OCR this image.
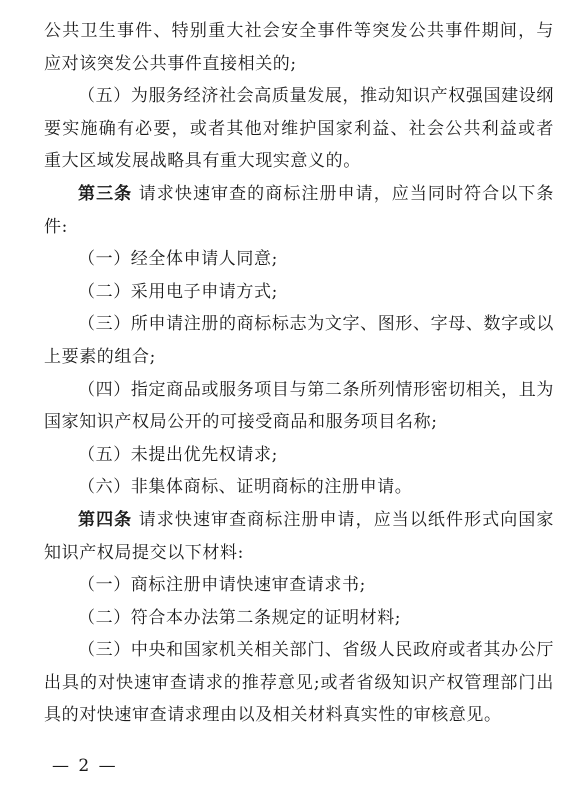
公共卫生事件、特别重大社会安全事件等突发公共事件期间，与应对该突发公共事件直接相关的;

（五）为服务经济社会高质量发展，推动知识产权强国建设纲要实施确有必要，或者其他对维护国家利益、社会公共利益或者重大区域发展战略具有重大现实意义的。

第三条 请求快速审查的商标注册申请，应当同时符合以下条件:

（一）经全体申请人同意;

（二）采用电子申请方式;

（三）所申请注册的商标标志为文字、图形、字母、数字或以上要素的组合;

（四）指定商品或服务项目与第二条所列情形密切相关，且为国家知识产权局公开的可接受商品和服务项目名称;

（五）未提出优先权请求;

（六）非集体商标、证明商标的注册申请。

第四条 请求快速审查商标注册申请，应当以纸件形式向国家知识产权局提交以下材料:

（一）商标注册申请快速审查请求书;

（二）符合本办法第二条规定的证明材料;

（三）中央和国家机关相关部门、省级人民政府或者其办公厅出具的对快速审查请求的推荐意见;或者省级知识产权管理部门出具的对快速审查请求理由以及相关材料真实性的审核意见。

— 2 —
